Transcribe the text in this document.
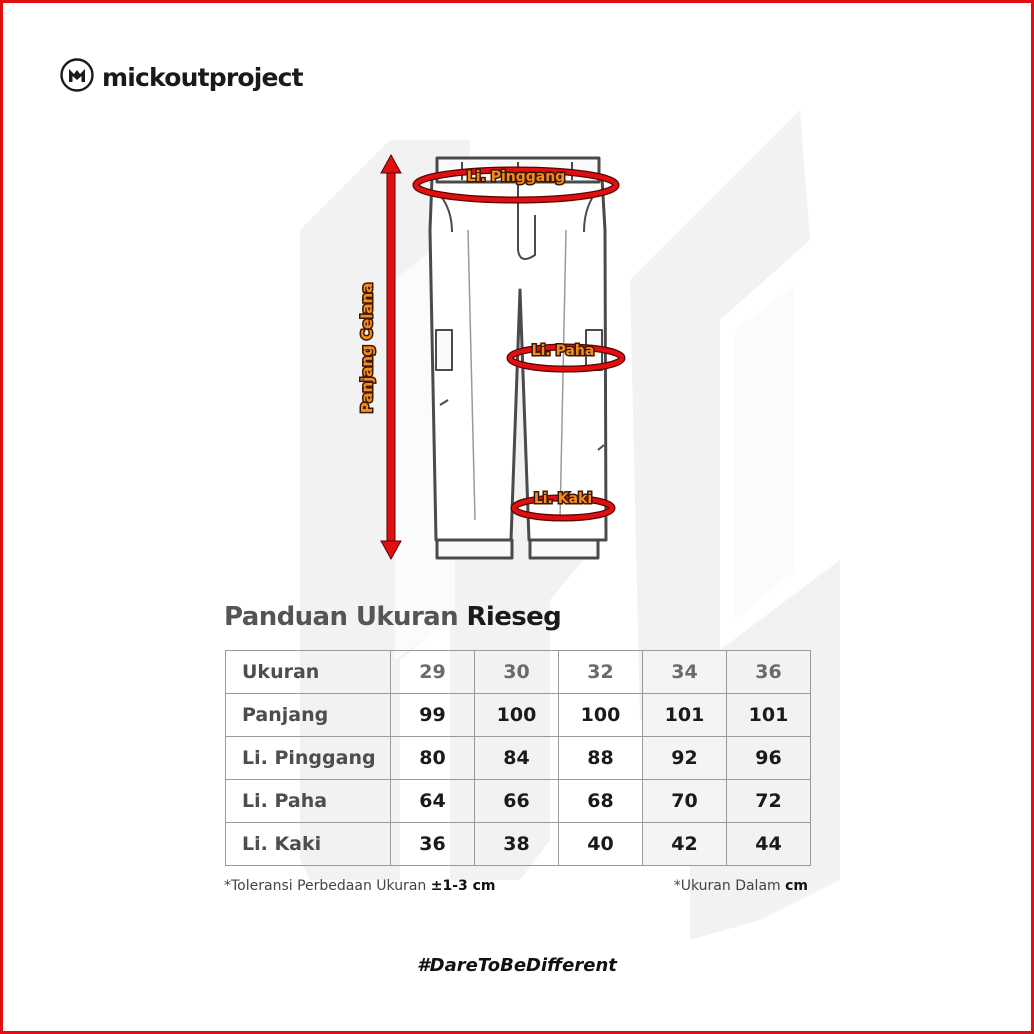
mickoutproject
Li. Pinggang
Li. Paha
Li. Kaki
Panjang Celana
Panduan Ukuran Rieseg
Ukuran	29	30	32	34	36
Panjang	99	100	100	101	101
Li. Pinggang	80	84	88	92	96
Li. Paha	64	66	68	70	72
Li. Kaki	36	38	40	42	44
*Toleransi Perbedaan Ukuran ±1-3 cm	*Ukuran Dalam cm
#DareToBeDifferent
